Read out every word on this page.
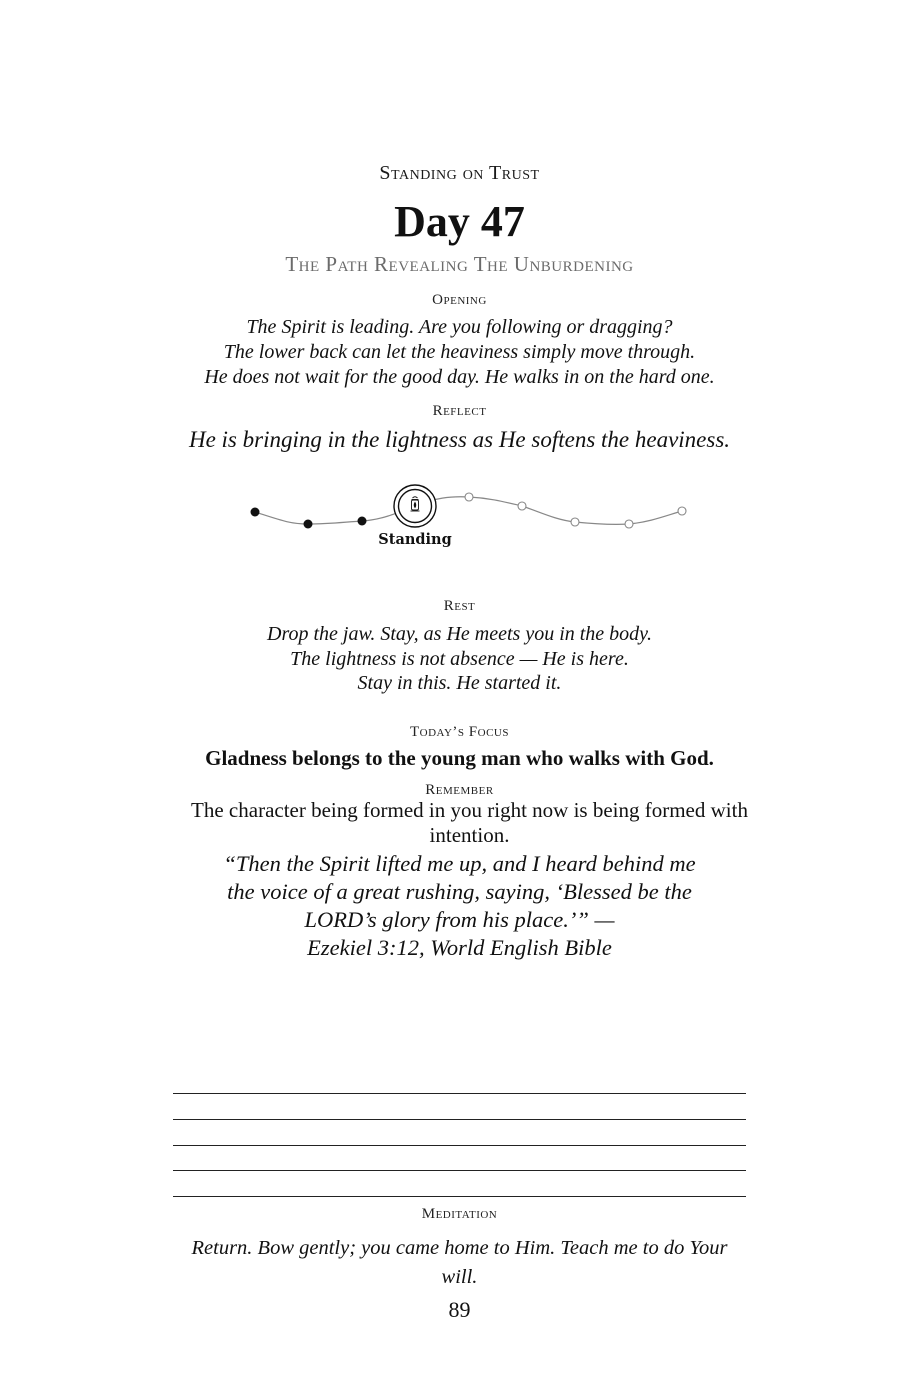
Standing on Trust
Day 47
The Path Revealing The Unburdening
Opening
The Spirit is leading. Are you following or dragging?
The lower back can let the heaviness simply move through.
He does not wait for the good day. He walks in on the hard one.
Reflect
He is bringing in the lightness as He softens the heaviness.
Standing
Rest
Drop the jaw. Stay, as He meets you in the body.
The lightness is not absence — He is here.
Stay in this. He started it.
Today’s Focus
Gladness belongs to the young man who walks with God.
Remember
The character being formed in you right now is being formed with intention.
“Then the Spirit lifted me up, and I heard behind me
the voice of a great rushing, saying, ‘Blessed be the
LORD’s glory from his place.’” —
Ezekiel 3:12, World English Bible
Meditation
Return. Bow gently; you came home to Him. Teach me to do Your will.
89
